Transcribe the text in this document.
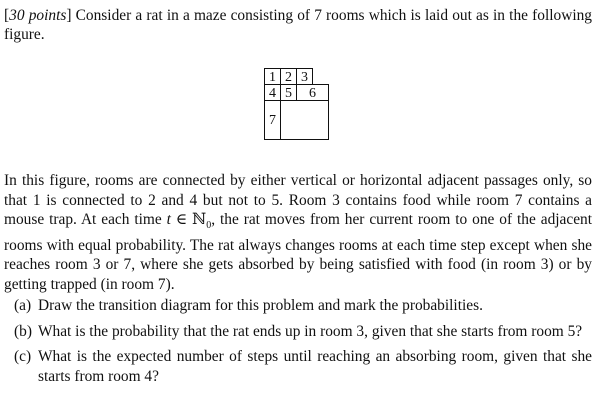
[30 points] Consider a rat in a maze consisting of 7 rooms which is laid out as in the following figure.

1 2 3
4 5	6
7

In this figure, rooms are connected by either vertical or horizontal adjacent passages only, so that 1 is connected to 2 and 4 but not to 5. Room 3 contains food while room 7 contains a mouse trap. At each time t ∈ ℕ$_0$, the rat moves from her current room to one of the adjacent rooms with equal probability. The rat always changes rooms at each time step except when she reaches room 3 or 7, where she gets absorbed by being satisfied with food (in room 3) or by getting trapped (in room 7).

(a) Draw the transition diagram for this problem and mark the probabilities.
(b) What is the probability that the rat ends up in room 3, given that she starts from room 5?
(c) What is the expected number of steps until reaching an absorbing room, given that she starts from room 4?
